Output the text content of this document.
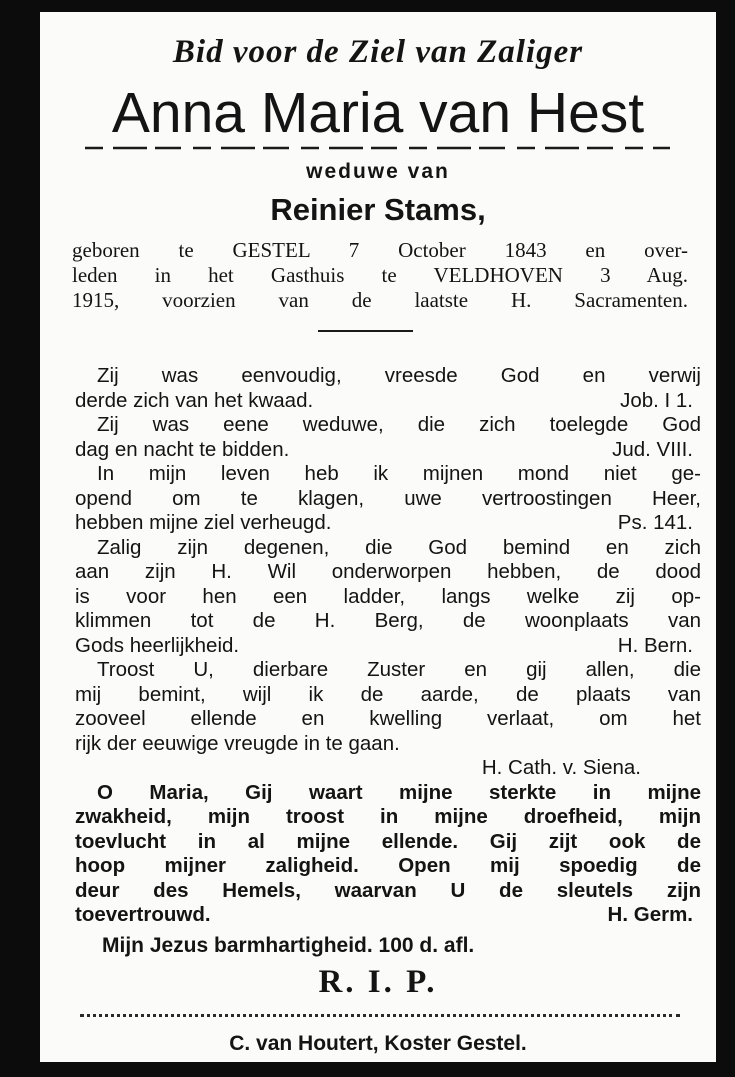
Bid voor de Ziel van Zaliger
Anna Maria van Hest
weduwe van
Reinier Stams,
geboren te GESTEL 7 October 1843 en over-
leden in het Gasthuis te VELDHOVEN 3 Aug.
1915, voorzien van de laatste H. Sacramenten.
Zij was eenvoudig, vreesde God en verwij
derde zich van het kwaad.	Job. I 1.
Zij was eene weduwe, die zich toelegde God
dag en nacht te bidden.	Jud. VIII.
In mijn leven heb ik mijnen mond niet ge-
opend om te klagen, uwe vertroostingen Heer,
hebben mijne ziel verheugd.	Ps. 141.
Zalig zijn degenen, die God bemind en zich
aan zijn H. Wil onderworpen hebben, de dood
is voor hen een ladder, langs welke zij op-
klimmen tot de H. Berg, de woonplaats van
Gods heerlijkheid.	H. Bern.
Troost U, dierbare Zuster en gij allen, die
mij bemint, wijl ik de aarde, de plaats van
zooveel ellende en kwelling verlaat, om het
rijk der eeuwige vreugde in te gaan.
H. Cath. v. Siena.
O Maria, Gij waart mijne sterkte in mijne
zwakheid, mijn troost in mijne droefheid, mijn
toevlucht in al mijne ellende. Gij zijt ook de
hoop mijner zaligheid. Open mij spoedig de
deur des Hemels, waarvan U de sleutels zijn
toevertrouwd.	H. Germ.
Mijn Jezus barmhartigheid. 100 d. afl.
R. I. P.
C. van Houtert, Koster Gestel.
